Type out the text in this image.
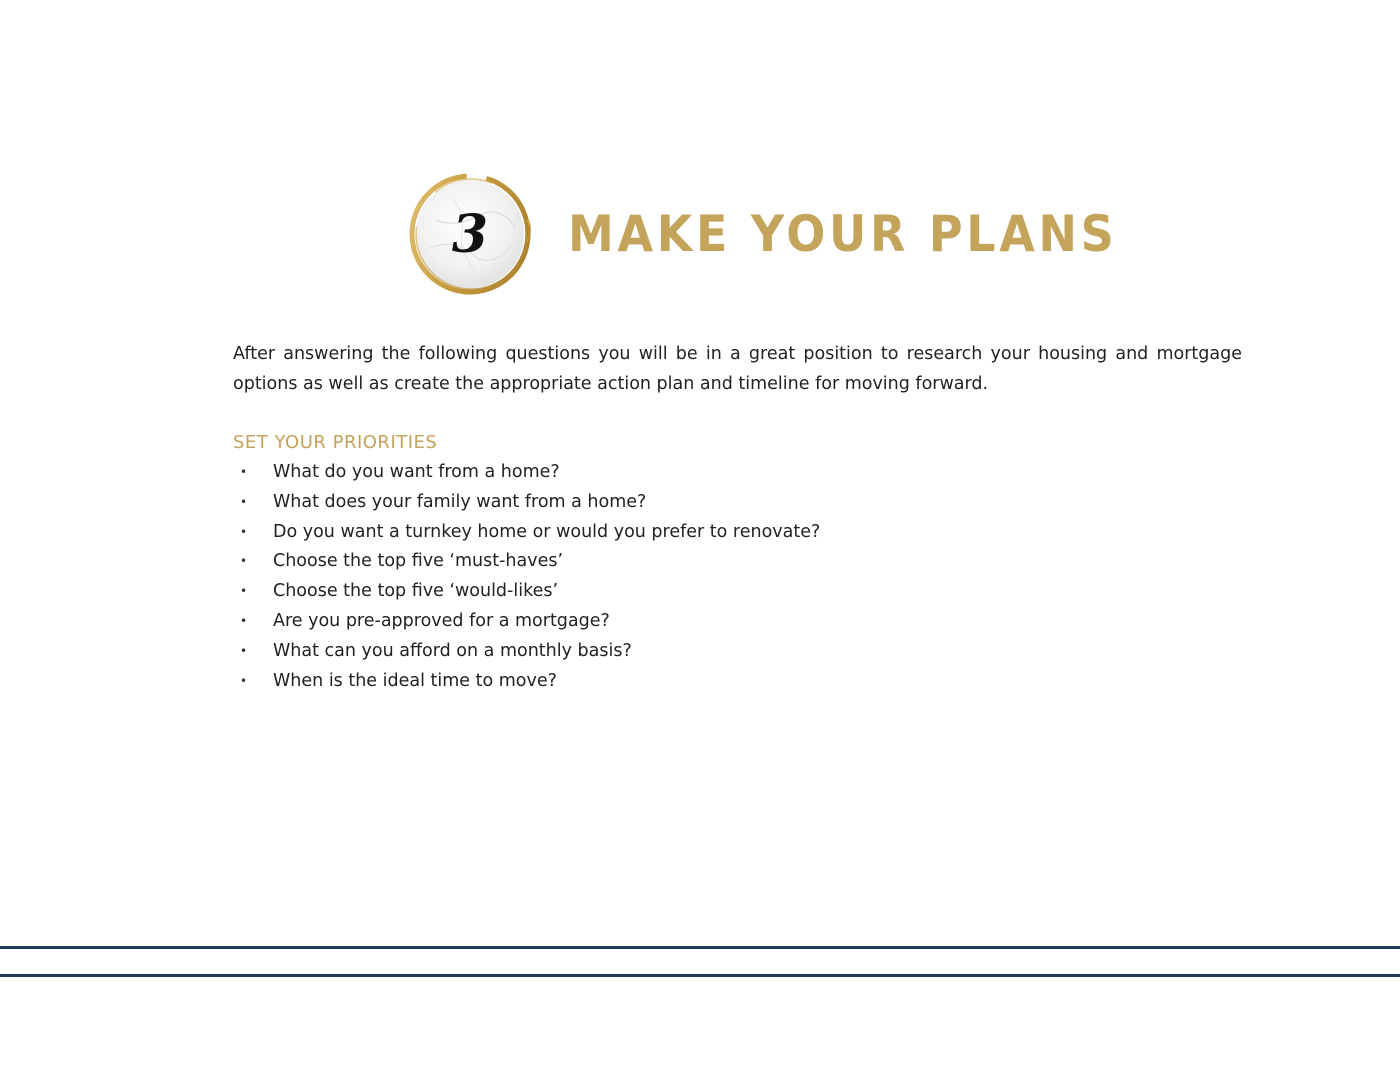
3	MAKE YOUR PLANS

After answering the following questions you will be in a great position to research your housing and mortgage options as well as create the appropriate action plan and timeline for moving forward.

SET YOUR PRIORITIES
• What do you want from a home?
• What does your family want from a home?
• Do you want a turnkey home or would you prefer to renovate?
• Choose the top five ‘must-haves’
• Choose the top five ‘would-likes’
• Are you pre-approved for a mortgage?
• What can you afford on a monthly basis?
• When is the ideal time to move?
